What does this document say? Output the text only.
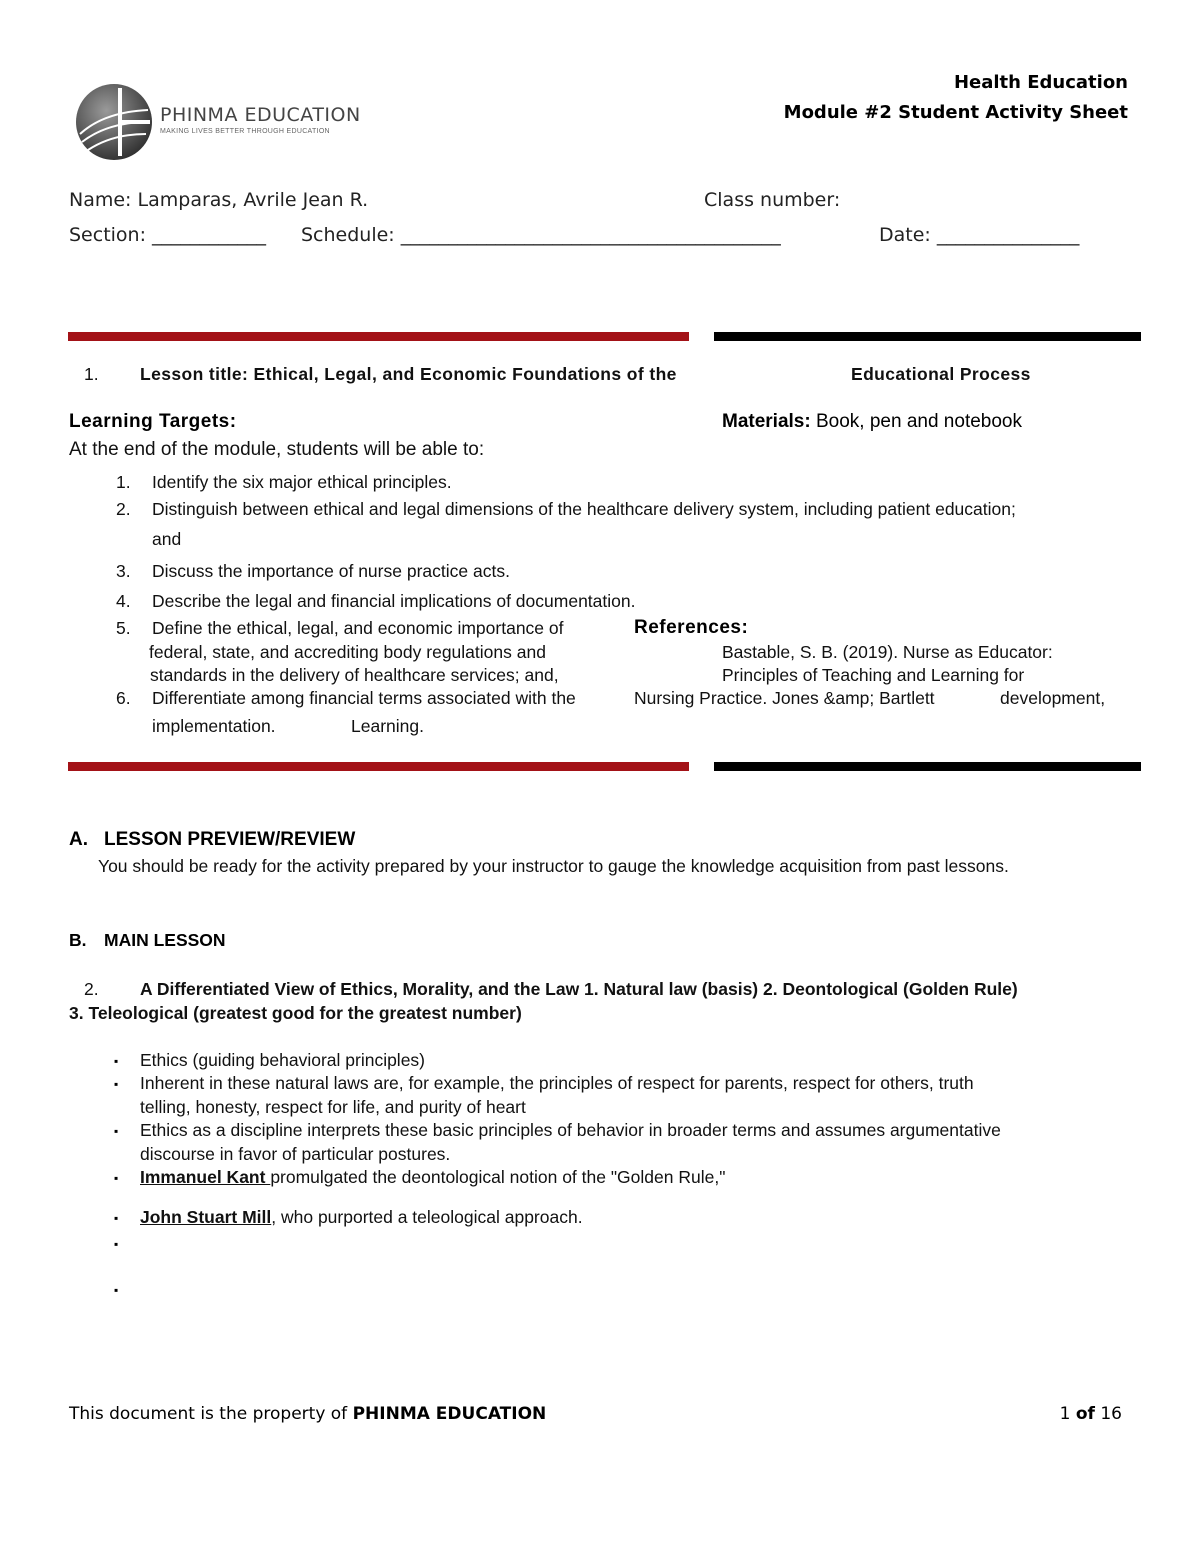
PHINMA EDUCATION
MAKING LIVES BETTER THROUGH EDUCATION
Health Education
Module #2 Student Activity Sheet
Name: Lamparas, Avrile Jean R.	Class number:
Section: ____________ Schedule: ________________________________________	Date: _______________
1. Lesson title: Ethical, Legal, and Economic Foundations of the	Educational Process
Learning Targets:	Materials: Book, pen and notebook
At the end of the module, students will be able to:
1. Identify the six major ethical principles.
2. Distinguish between ethical and legal dimensions of the healthcare delivery system, including patient education;
and
3. Discuss the importance of nurse practice acts.
4. Describe the legal and financial implications of documentation.
5. Define the ethical, legal, and economic importance of
federal, state, and accrediting body regulations and
standards in the delivery of healthcare services; and,
6. Differentiate among financial terms associated with the
implementation.
References:
Bastable, S. B. (2019). Nurse as Educator:
Principles of Teaching and Learning for
Nursing Practice. Jones &amp; Bartlett	development,
Learning.
A. LESSON PREVIEW/REVIEW
You should be ready for the activity prepared by your instructor to gauge the knowledge acquisition from past lessons.
B. MAIN LESSON
2. A Differentiated View of Ethics, Morality, and the Law 1. Natural law (basis) 2. Deontological (Golden Rule)
3. Teleological (greatest good for the greatest number)
▪ Ethics (guiding behavioral principles)
▪ Inherent in these natural laws are, for example, the principles of respect for parents, respect for others, truth
telling, honesty, respect for life, and purity of heart
▪ Ethics as a discipline interprets these basic principles of behavior in broader terms and assumes argumentative
discourse in favor of particular postures.
▪ Immanuel Kant promulgated the deontological notion of the "Golden Rule,"
▪ John Stuart Mill, who purported a teleological approach.
▪
▪
This document is the property of PHINMA EDUCATION	1 of 16
